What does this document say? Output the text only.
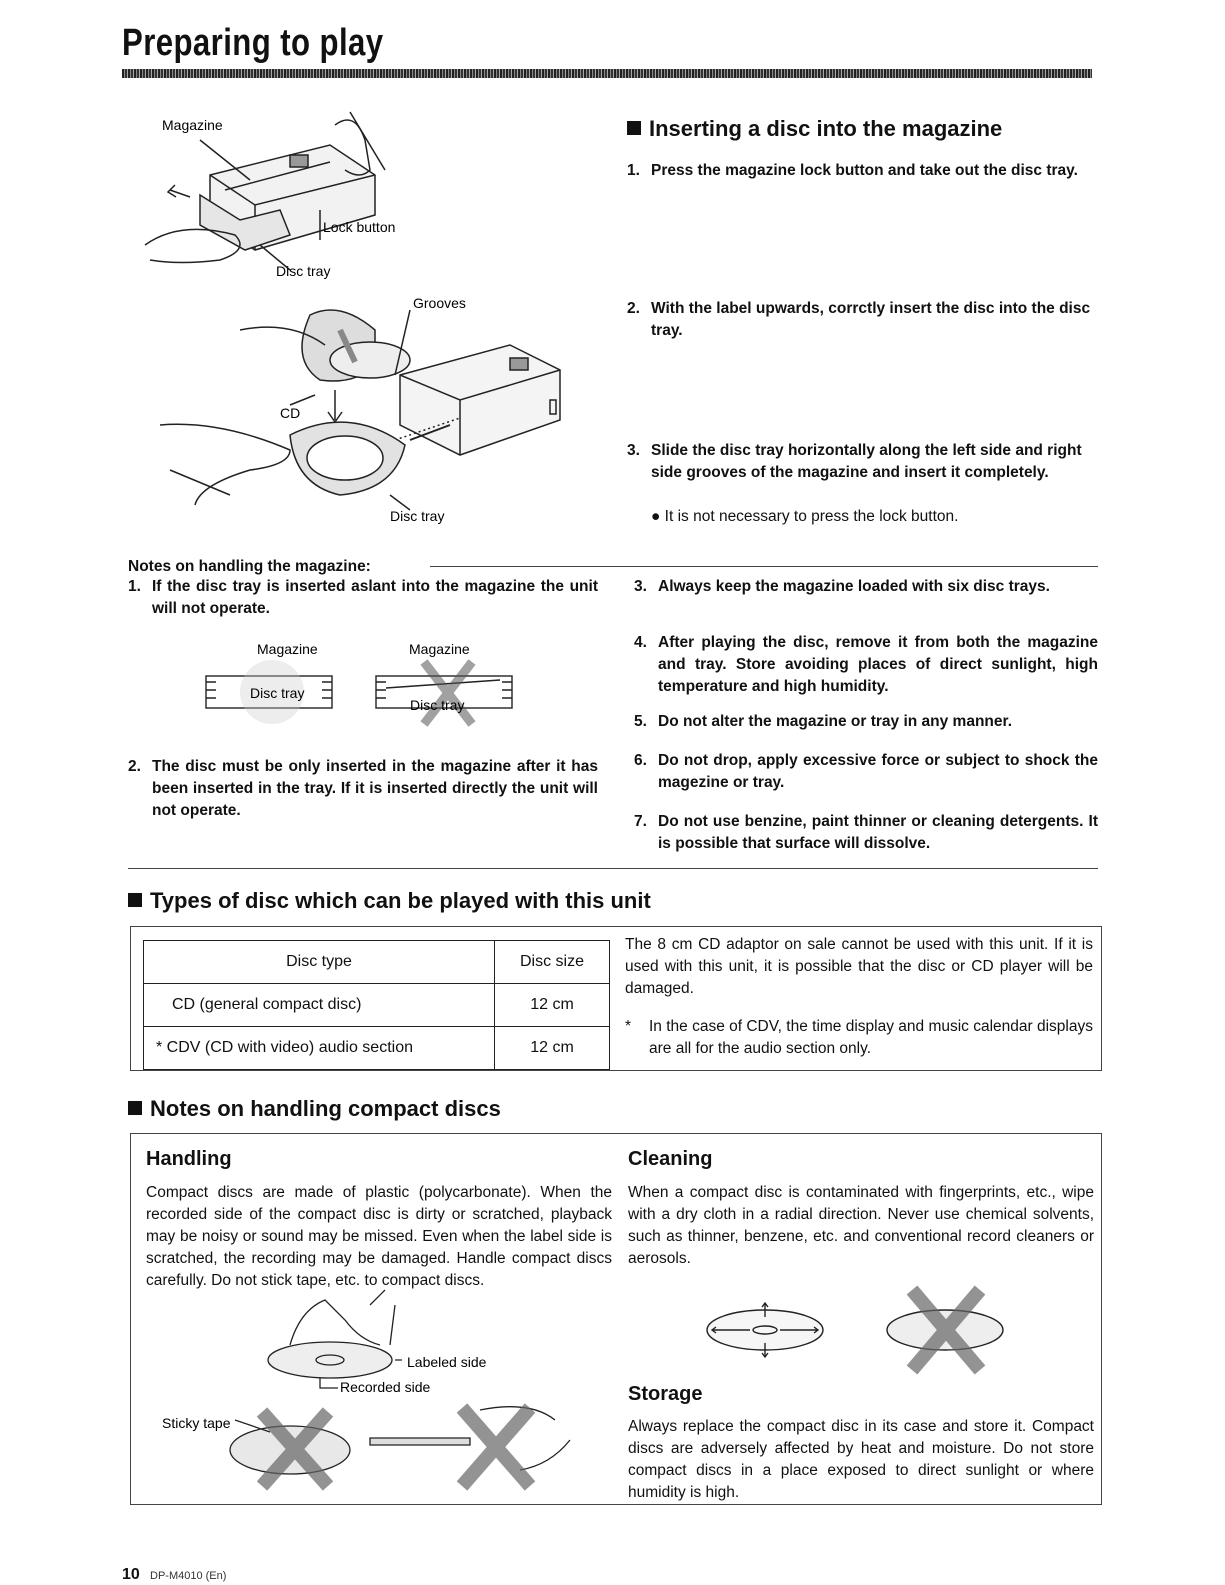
Preparing to play
Magazine
Lock button
Disc tray
Grooves
CD
Disc tray
Inserting a disc into the magazine
1. Press the magazine lock button and take out the disc tray.
2. With the label upwards, corrctly insert the disc into the disc tray.
3. Slide the disc tray horizontally along the left side and right side grooves of the magazine and insert it completely.
● It is not necessary to press the lock button.
Notes on handling the magazine:
1. If the disc tray is inserted aslant into the magazine the unit will not operate.
Magazine	Magazine
Disc tray
Disc tray
2. The disc must be only inserted in the magazine after it has been inserted in the tray. If it is inserted directly the unit will not operate.
3. Always keep the magazine loaded with six disc trays.
4. After playing the disc, remove it from both the magazine and tray. Store avoiding places of direct sunlight, high temperature and high humidity.
5. Do not alter the magazine or tray in any manner.
6. Do not drop, apply excessive force or subject to shock the magezine or tray.
7. Do not use benzine, paint thinner or cleaning detergents. It is possible that surface will dissolve.
Types of disc which can be played with this unit
Disc type	Disc size
CD (general compact disc)	12 cm
* CDV (CD with video) audio section	12 cm
The 8 cm CD adaptor on sale cannot be used with this unit. If it is used with this unit, it is possible that the disc or CD player will be damaged.
*	In the case of CDV, the time display and music calendar displays are all for the audio section only.
Notes on handling compact discs
Handling
Compact discs are made of plastic (polycarbonate). When the recorded side of the compact disc is dirty or scratched, playback may be noisy or sound may be missed. Even when the label side is scratched, the recording may be damaged. Handle compact discs carefully. Do not stick tape, etc. to compact discs.
Labeled side
Recorded side
Sticky tape
Cleaning
When a compact disc is contaminated with fingerprints, etc., wipe with a dry cloth in a radial direction. Never use chemical solvents, such as thinner, benzene, etc. and conventional record cleaners or aerosols.
Storage
Always replace the compact disc in its case and store it. Compact discs are adversely affected by heat and moisture. Do not store compact discs in a place exposed to direct sunlight or where humidity is high.
10 DP-M4010 (En)
